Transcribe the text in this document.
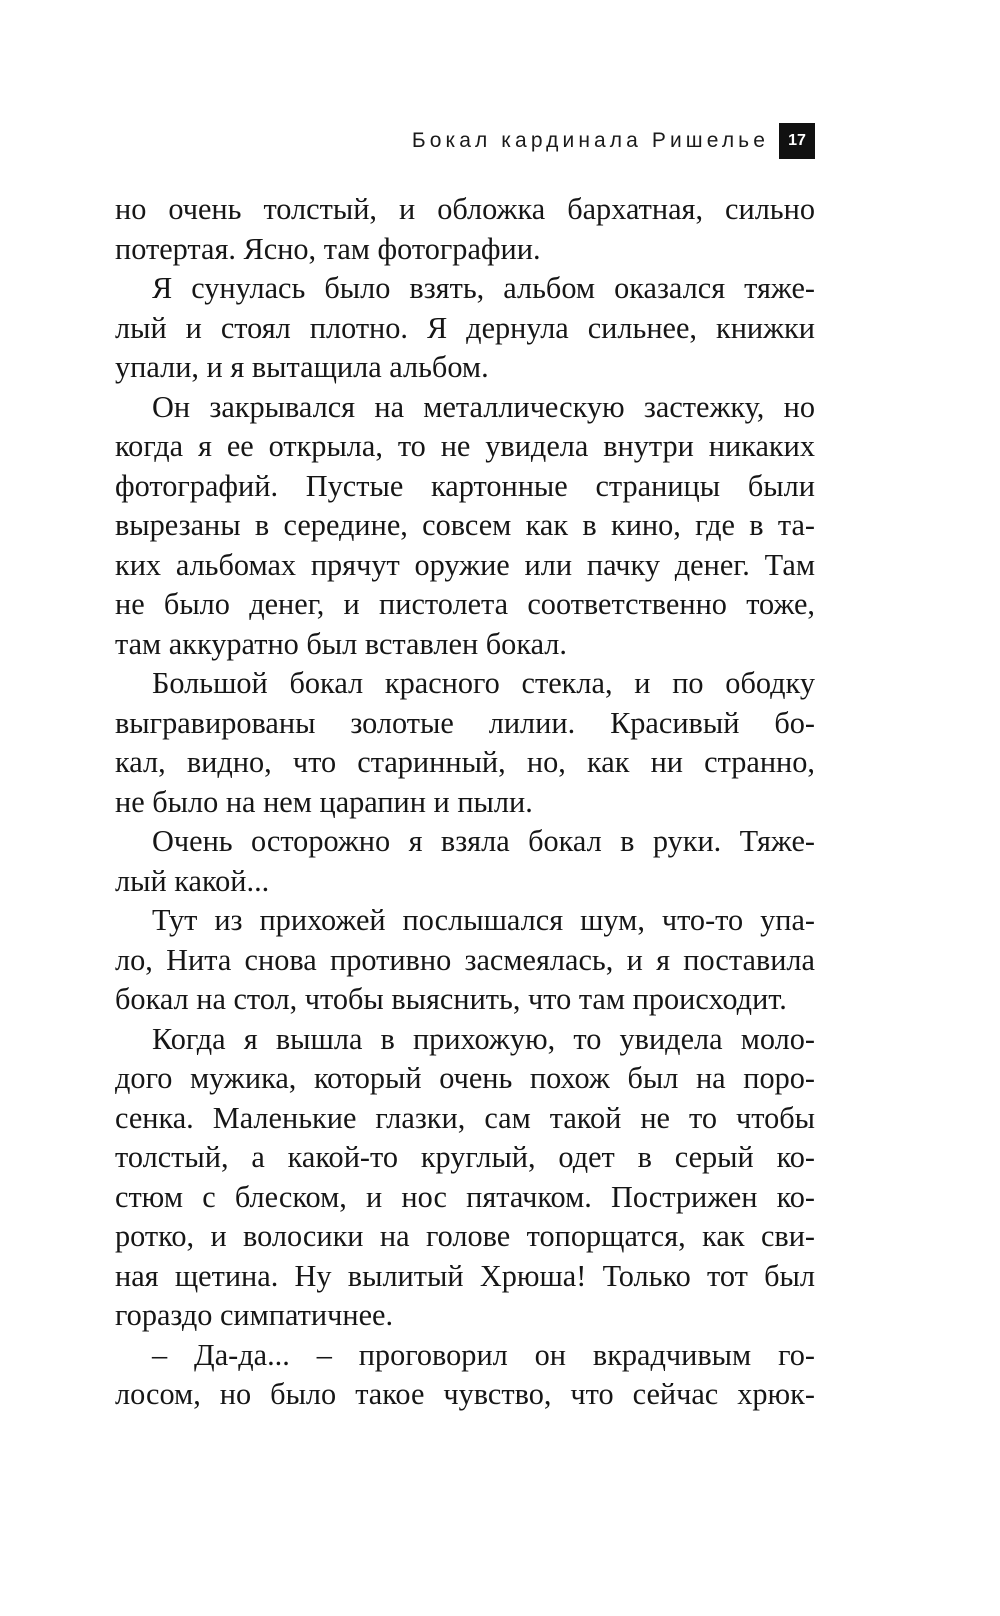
Бокал кардинала Ришелье	17
но очень толстый, и обложка бархатная, сильно
потертая. Ясно, там фотографии.
Я сунулась было взять, альбом оказался тяже-
лый и стоял плотно. Я дернула сильнее, книжки
упали, и я вытащила альбом.
Он закрывался на металлическую застежку, но
когда я ее открыла, то не увидела внутри никаких
фотографий. Пустые картонные страницы были
вырезаны в середине, совсем как в кино, где в та-
ких альбомах прячут оружие или пачку денег. Там
не было денег, и пистолета соответственно тоже,
там аккуратно был вставлен бокал.
Большой бокал красного стекла, и по ободку
выгравированы золотые лилии. Красивый бо-
кал, видно, что старинный, но, как ни странно,
не было на нем царапин и пыли.
Очень осторожно я взяла бокал в руки. Тяже-
лый какой...
Тут из прихожей послышался шум, что-то упа-
ло, Нита снова противно засмеялась, и я поставила
бокал на стол, чтобы выяснить, что там происходит.
Когда я вышла в прихожую, то увидела моло-
дого мужика, который очень похож был на поро-
сенка. Маленькие глазки, сам такой не то чтобы
толстый, а какой-то круглый, одет в серый ко-
стюм с блеском, и нос пятачком. Пострижен ко-
ротко, и волосики на голове топорщатся, как сви-
ная щетина. Ну вылитый Хрюша! Только тот был
гораздо симпатичнее.
– Да-да... – проговорил он вкрадчивым го-
лосом, но было такое чувство, что сейчас хрюк-
